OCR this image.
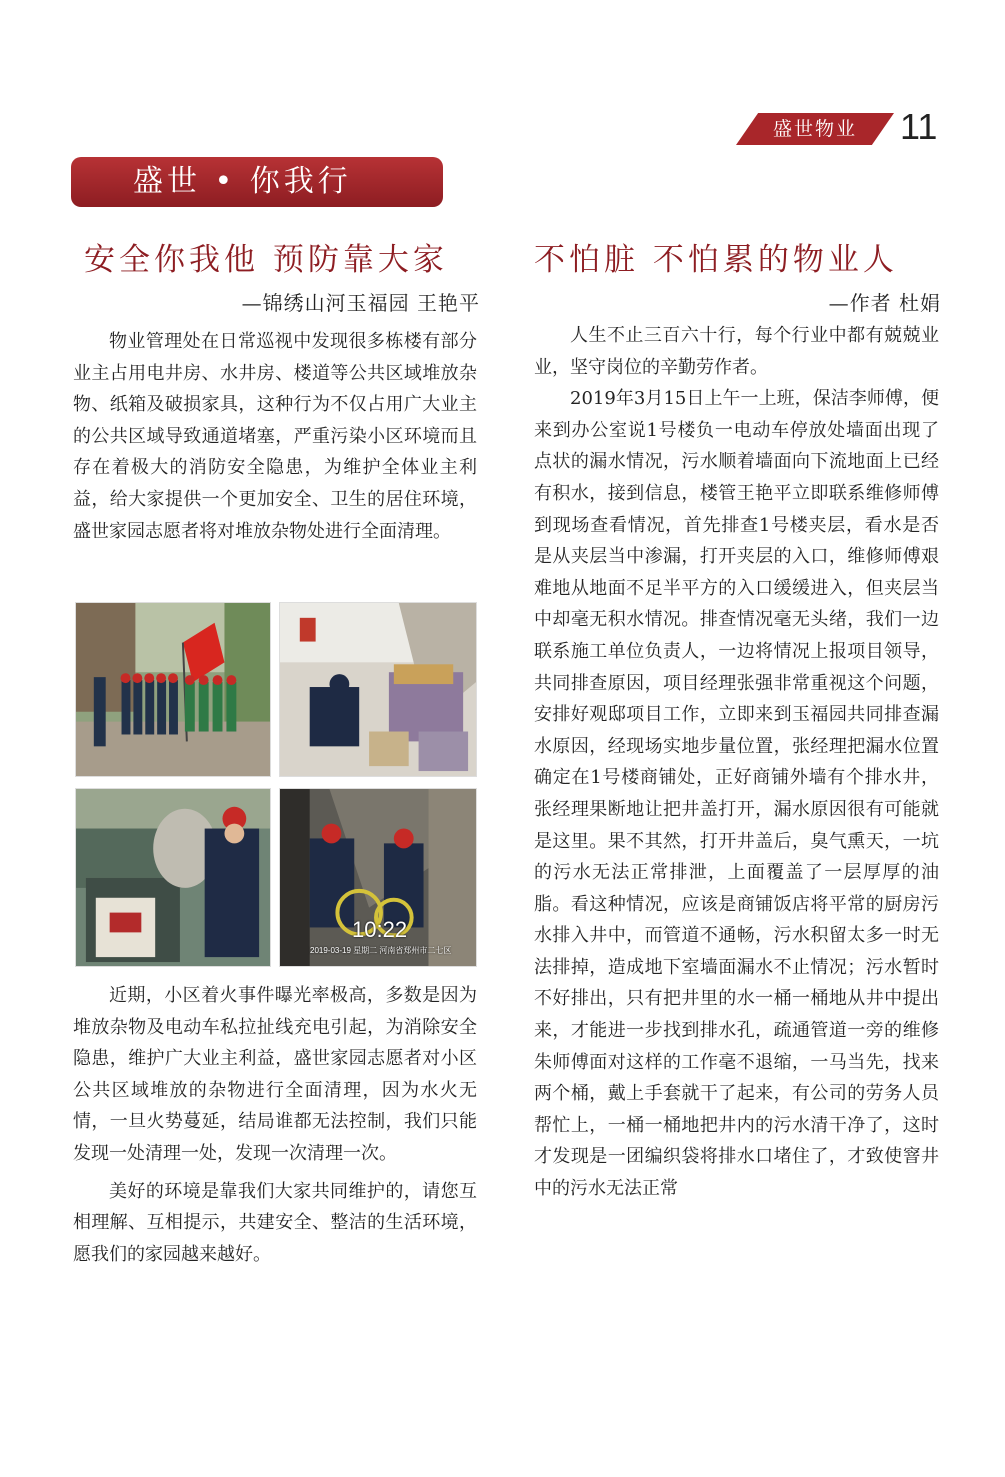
盛世物业	11
盛世 • 你我行
安全你我他 预防靠大家
—锦绣山河玉福园 王艳平

物业管理处在日常巡视中发现很多栋楼有部分业主占用电井房、水井房、楼道等公共区域堆放杂物、纸箱及破损家具，这种行为不仅占用广大业主的公共区域导致通道堵塞，严重污染小区环境而且存在着极大的消防安全隐患，为维护全体业主利益，给大家提供一个更加安全、卫生的居住环境，盛世家园志愿者将对堆放杂物处进行全面清理。

10:22
2019-03-19 星期二 河南省郑州市二七区

近期，小区着火事件曝光率极高，多数是因为堆放杂物及电动车私拉扯线充电引起，为消除安全隐患，维护广大业主利益，盛世家园志愿者对小区公共区域堆放的杂物进行全面清理，因为水火无情，一旦火势蔓延，结局谁都无法控制，我们只能发现一处清理一处，发现一次清理一次。

美好的环境是靠我们大家共同维护的，请您互相理解、互相提示，共建安全、整洁的生活环境，愿我们的家园越来越好。

不怕脏 不怕累的物业人
—作者 杜娟

人生不止三百六十行，每个行业中都有兢兢业业，坚守岗位的辛勤劳作者。

2019年3月15日上午一上班，保洁李师傅，便来到办公室说1号楼负一电动车停放处墙面出现了点状的漏水情况，污水顺着墙面向下流地面上已经有积水，接到信息，楼管王艳平立即联系维修师傅到现场查看情况，首先排查1号楼夹层，看水是否是从夹层当中渗漏，打开夹层的入口，维修师傅艰难地从地面不足半平方的入口缓缓进入，但夹层当中却毫无积水情况。排查情况毫无头绪，我们一边联系施工单位负责人，一边将情况上报项目领导，共同排查原因，项目经理张强非常重视这个问题，安排好观邸项目工作，立即来到玉福园共同排查漏水原因，经现场实地步量位置，张经理把漏水位置确定在1号楼商铺处，正好商铺外墙有个排水井，张经理果断地让把井盖打开，漏水原因很有可能就是这里。果不其然，打开井盖后，臭气熏天，一坑的污水无法正常排泄，上面覆盖了一层厚厚的油脂。看这种情况，应该是商铺饭店将平常的厨房污水排入井中，而管道不通畅，污水积留太多一时无法排掉，造成地下室墙面漏水不止情况；污水暂时不好排出，只有把井里的水一桶一桶地从井中提出来，才能进一步找到排水孔，疏通管道一旁的维修朱师傅面对这样的工作毫不退缩，一马当先，找来两个桶，戴上手套就干了起来，有公司的劳务人员帮忙上，一桶一桶地把井内的污水清干净了，这时才发现是一团编织袋将排水口堵住了，才致使窨井中的污水无法正常
